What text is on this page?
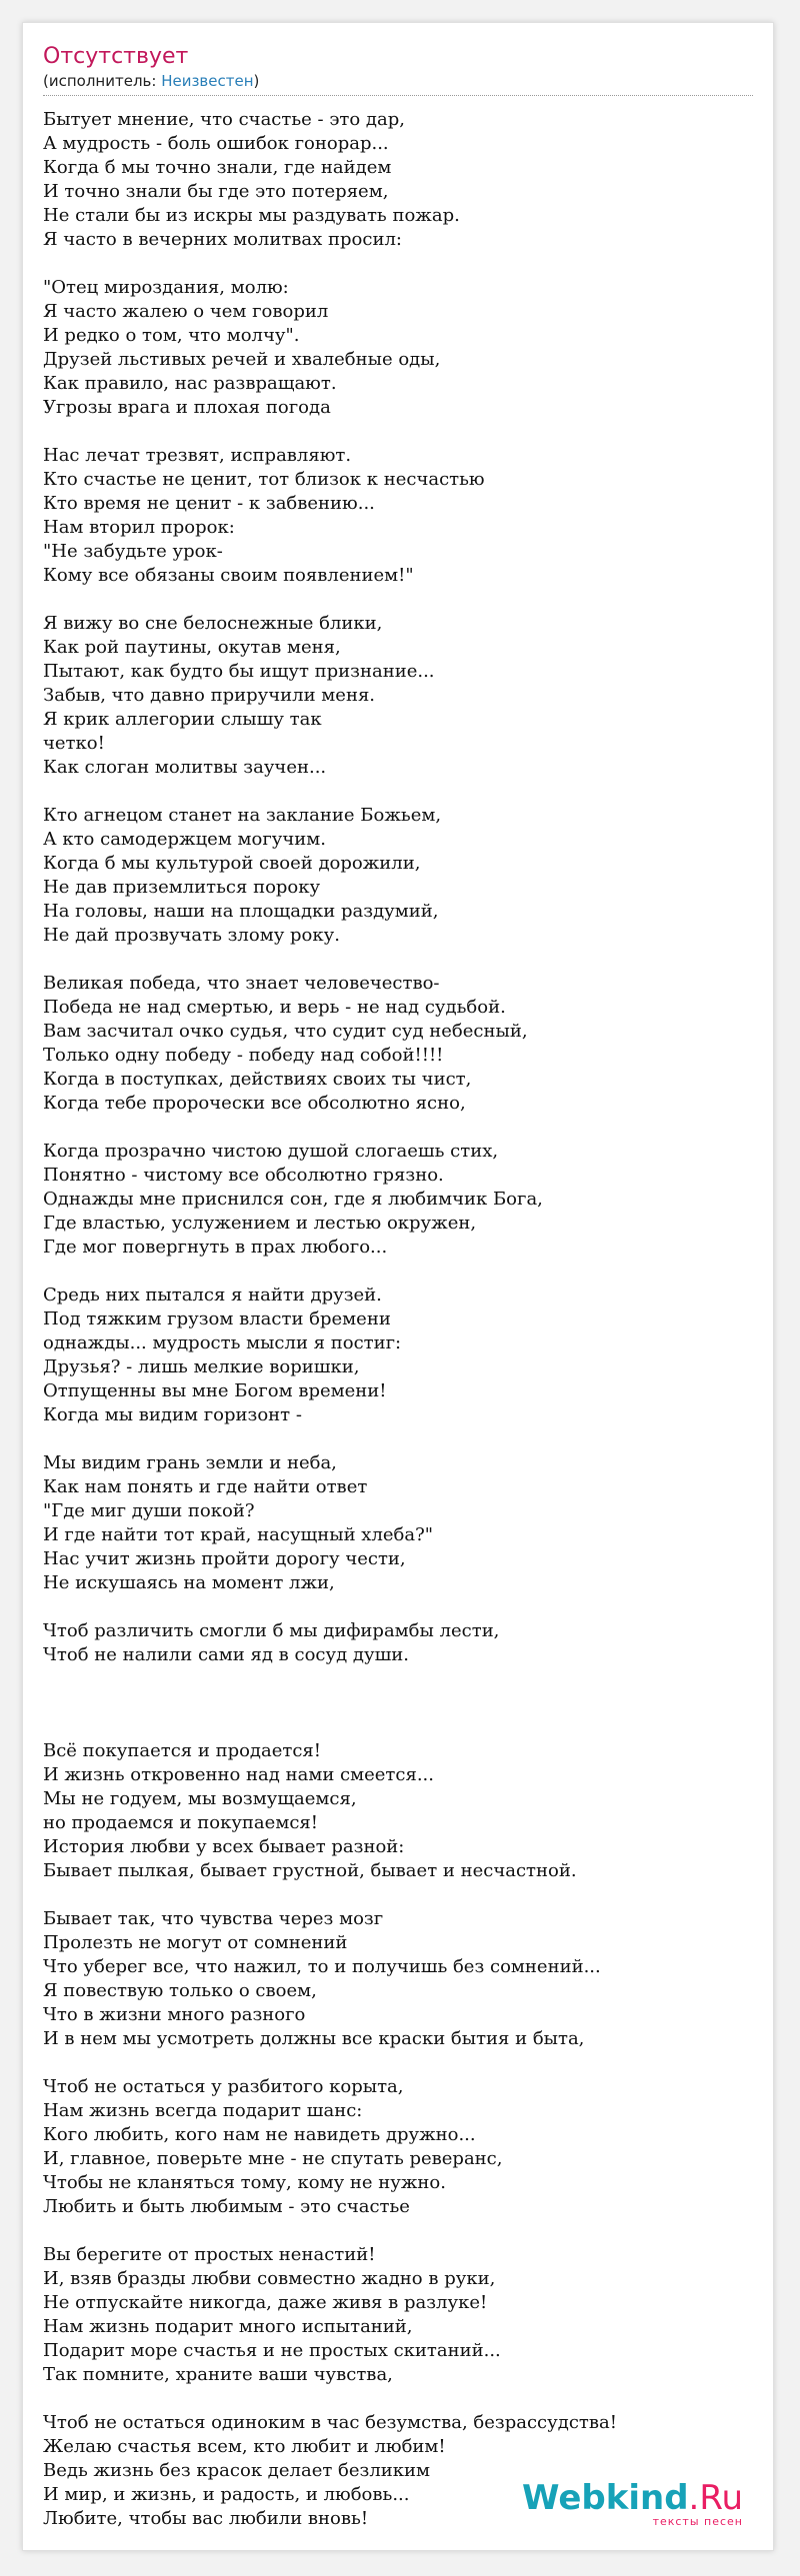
Отсутствует
(исполнитель: Неизвестен)
Бытует мнение, что счастье - это дар,
А мудрость - боль ошибок гонорар...
Когда б мы точно знали, где найдем
И точно знали бы где это потеряем,
Не стали бы из искры мы раздувать пожар.
Я часто в вечерних молитвах просил:
"Отец мироздания, молю:
Я часто жалею о чем говорил
И редко о том, что молчу".
Друзей льстивых речей и хвалебные оды,
Как правило, нас развращают.
Угрозы врага и плохая погода
Нас лечат трезвят, исправляют.
Кто счастье не ценит, тот близок к несчастью
Кто время не ценит - к забвению...
Нам вторил пророк:
"Не забудьте урок-
Кому все обязаны своим появлением!"
Я вижу во сне белоснежные блики,
Как рой паутины, окутав меня,
Пытают, как будто бы ищут признание...
Забыв, что давно приручили меня.
Я крик аллегории слышу так
четко!
Как слоган молитвы заучен...
Кто агнецом станет на заклание Божьем,
А кто самодержцем могучим.
Когда б мы культурой своей дорожили,
Не дав приземлиться пороку
На головы, наши на площадки раздумий,
Не дай прозвучать злому року.
Великая победа, что знает человечество-
Победа не над смертью, и верь - не над судьбой.
Вам засчитал очко судья, что судит суд небесный,
Только одну победу - победу над собой!!!!
Когда в поступках, действиях своих ты чист,
Когда тебе пророчески все обсолютно ясно,
Когда прозрачно чистою душой слогаешь стих,
Понятно - чистому все обсолютно грязно.
Однажды мне приснился сон, где я любимчик Бога,
Где властью, услужением и лестью окружен,
Где мог повергнуть в прах любого...
Средь них пытался я найти друзей.
Под тяжким грузом власти бремени
однажды... мудрость мысли я постиг:
Друзья? - лишь мелкие воришки,
Отпущенны вы мне Богом времени!
Когда мы видим горизонт -
Мы видим грань земли и неба,
Как нам понять и где найти ответ
"Где миг души покой?
И где найти тот край, насущный хлеба?"
Нас учит жизнь пройти дорогу чести,
Не искушаясь на момент лжи,
Чтоб различить смогли б мы дифирамбы лести,
Чтоб не налили сами яд в сосуд души.
Всё покупается и продается!
И жизнь откровенно над нами смеется...
Мы не годуем, мы возмущаемся,
но продаемся и покупаемся!
История любви у всех бывает разной:
Бывает пылкая, бывает грустной, бывает и несчастной.
Бывает так, что чувства через мозг
Пролезть не могут от сомнений
Что уберег все, что нажил, то и получишь без сомнений...
Я повествую только о своем,
Что в жизни много разного
И в нем мы усмотреть должны все краски бытия и быта,
Чтоб не остаться у разбитого корыта,
Нам жизнь всегда подарит шанс:
Кого любить, кого нам не навидеть дружно...
И, главное, поверьте мне - не спутать реверанс,
Чтобы не кланяться тому, кому не нужно.
Любить и быть любимым - это счастье
Вы берегите от простых ненастий!
И, взяв бразды любви совместно жадно в руки,
Не отпускайте никогда, даже живя в разлуке!
Нам жизнь подарит много испытаний,
Подарит море счастья и не простых скитаний...
Так помните, храните ваши чувства,
Чтоб не остаться одиноким в час безумства, безрассудства!
Желаю счастья всем, кто любит и любим!
Ведь жизнь без красок делает безликим
И мир, и жизнь, и радость, и любовь...
Любите, чтобы вас любили вновь!
Webkind.Ru
тексты песен
